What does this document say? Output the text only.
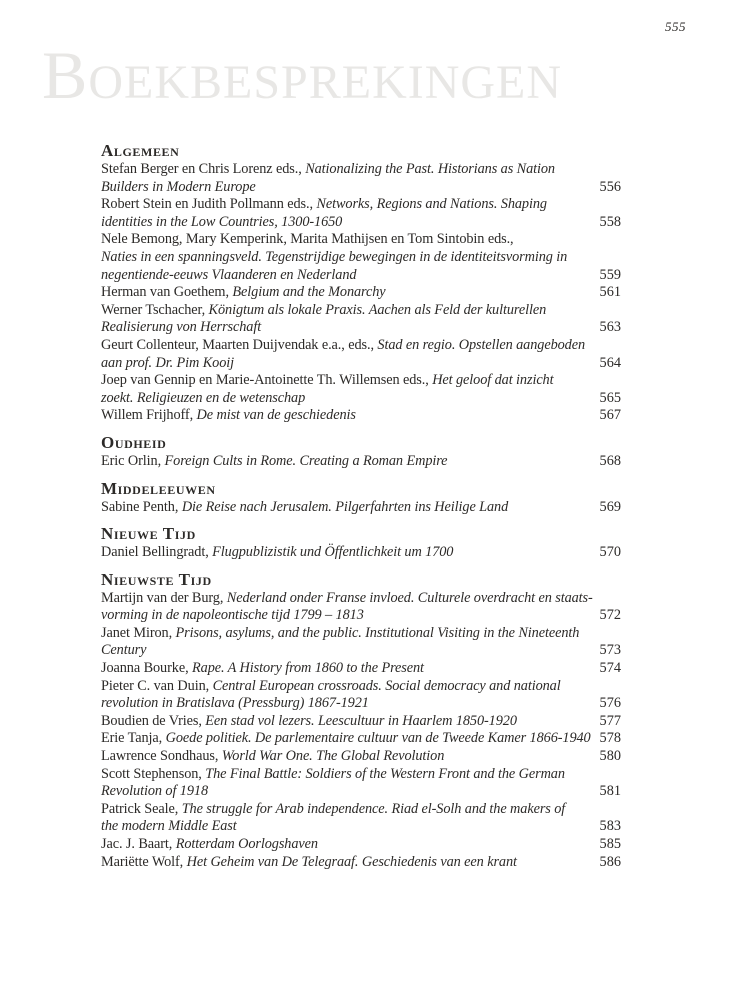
555
Boekbesprekingen
Algemeen
Stefan Berger en Chris Lorenz eds., Nationalizing the Past. Historians as Nation
Builders in Modern Europe	556
Robert Stein en Judith Pollmann eds., Networks, Regions and Nations. Shaping
identities in the Low Countries, 1300-1650	558
Nele Bemong, Mary Kemperink, Marita Mathijsen en Tom Sintobin eds.,
Naties in een spanningsveld. Tegenstrijdige bewegingen in de identiteitsvorming in
negentiende-eeuws Vlaanderen en Nederland	559
Herman van Goethem, Belgium and the Monarchy	561
Werner Tschacher, Königtum als lokale Praxis. Aachen als Feld der kulturellen
Realisierung von Herrschaft	563
Geurt Collenteur, Maarten Duijvendak e.a., eds., Stad en regio. Opstellen aangeboden
aan prof. Dr. Pim Kooij	564
Joep van Gennip en Marie-Antoinette Th. Willemsen eds., Het geloof dat inzicht
zoekt. Religieuzen en de wetenschap	565
Willem Frijhoff, De mist van de geschiedenis	567
Oudheid
Eric Orlin, Foreign Cults in Rome. Creating a Roman Empire	568
Middeleeuwen
Sabine Penth, Die Reise nach Jerusalem. Pilgerfahrten ins Heilige Land	569
Nieuwe Tijd
Daniel Bellingradt, Flugpublizistik und Öffentlichkeit um 1700	570
Nieuwste Tijd
Martijn van der Burg, Nederland onder Franse invloed. Culturele overdracht en staats-
vorming in de napoleontische tijd 1799 – 1813	572
Janet Miron, Prisons, asylums, and the public. Institutional Visiting in the Nineteenth
Century	573
Joanna Bourke, Rape. A History from 1860 to the Present	574
Pieter C. van Duin, Central European crossroads. Social democracy and national
revolution in Bratislava (Pressburg) 1867-1921	576
Boudien de Vries, Een stad vol lezers. Leescultuur in Haarlem 1850-1920	577
Erie Tanja, Goede politiek. De parlementaire cultuur van de Tweede Kamer 1866-1940 578
Lawrence Sondhaus, World War One. The Global Revolution	580
Scott Stephenson, The Final Battle: Soldiers of the Western Front and the German
Revolution of 1918	581
Patrick Seale, The struggle for Arab independence. Riad el-Solh and the makers of
the modern Middle East	583
Jac. J. Baart, Rotterdam Oorlogshaven	585
Mariëtte Wolf, Het Geheim van De Telegraaf. Geschiedenis van een krant	586
